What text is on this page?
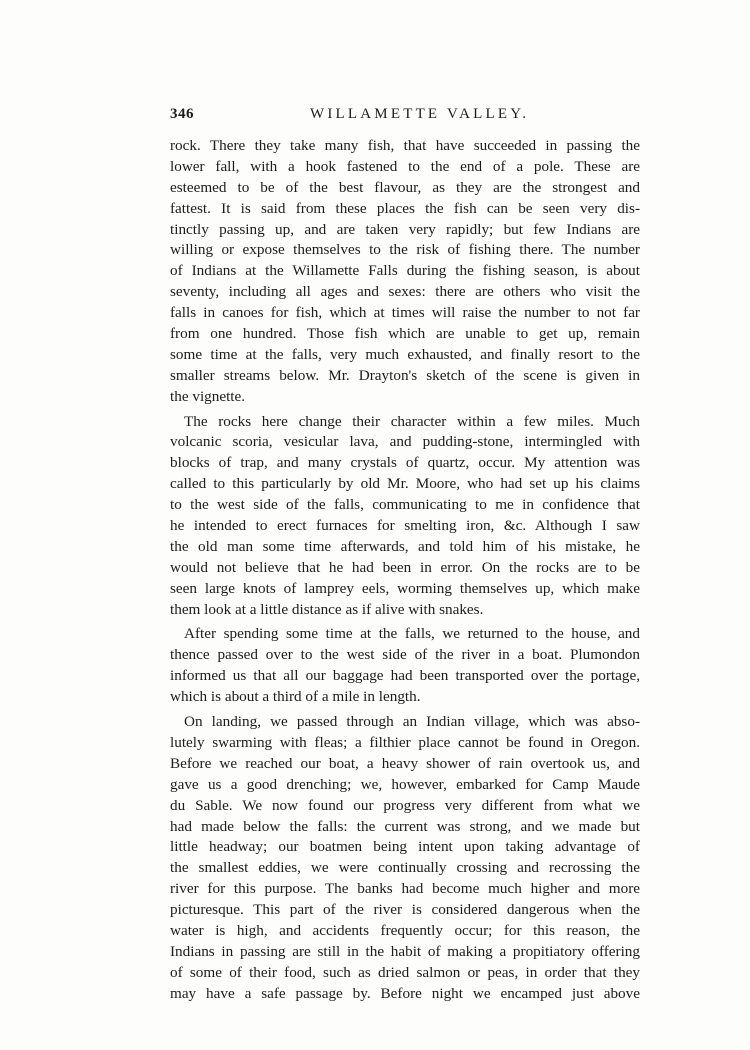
346	WILLAMETTE VALLEY.
rock. There they take many fish, that have succeeded in passing the
lower fall, with a hook fastened to the end of a pole. These are
esteemed to be of the best flavour, as they are the strongest and
fattest. It is said from these places the fish can be seen very dis-
tinctly passing up, and are taken very rapidly; but few Indians are
willing or expose themselves to the risk of fishing there. The number
of Indians at the Willamette Falls during the fishing season, is about
seventy, including all ages and sexes: there are others who visit the
falls in canoes for fish, which at times will raise the number to not far
from one hundred. Those fish which are unable to get up, remain
some time at the falls, very much exhausted, and finally resort to the
smaller streams below. Mr. Drayton's sketch of the scene is given in
the vignette.
The rocks here change their character within a few miles. Much
volcanic scoria, vesicular lava, and pudding-stone, intermingled with
blocks of trap, and many crystals of quartz, occur. My attention was
called to this particularly by old Mr. Moore, who had set up his claims
to the west side of the falls, communicating to me in confidence that
he intended to erect furnaces for smelting iron, &c. Although I saw
the old man some time afterwards, and told him of his mistake, he
would not believe that he had been in error. On the rocks are to be
seen large knots of lamprey eels, worming themselves up, which make
them look at a little distance as if alive with snakes.
After spending some time at the falls, we returned to the house, and
thence passed over to the west side of the river in a boat. Plumondon
informed us that all our baggage had been transported over the portage,
which is about a third of a mile in length.
On landing, we passed through an Indian village, which was abso-
lutely swarming with fleas; a filthier place cannot be found in Oregon.
Before we reached our boat, a heavy shower of rain overtook us, and
gave us a good drenching; we, however, embarked for Camp Maude
du Sable. We now found our progress very different from what we
had made below the falls: the current was strong, and we made but
little headway; our boatmen being intent upon taking advantage of
the smallest eddies, we were continually crossing and recrossing the
river for this purpose. The banks had become much higher and more
picturesque. This part of the river is considered dangerous when the
water is high, and accidents frequently occur; for this reason, the
Indians in passing are still in the habit of making a propitiatory offering
of some of their food, such as dried salmon or peas, in order that they
may have a safe passage by. Before night we encamped just above
